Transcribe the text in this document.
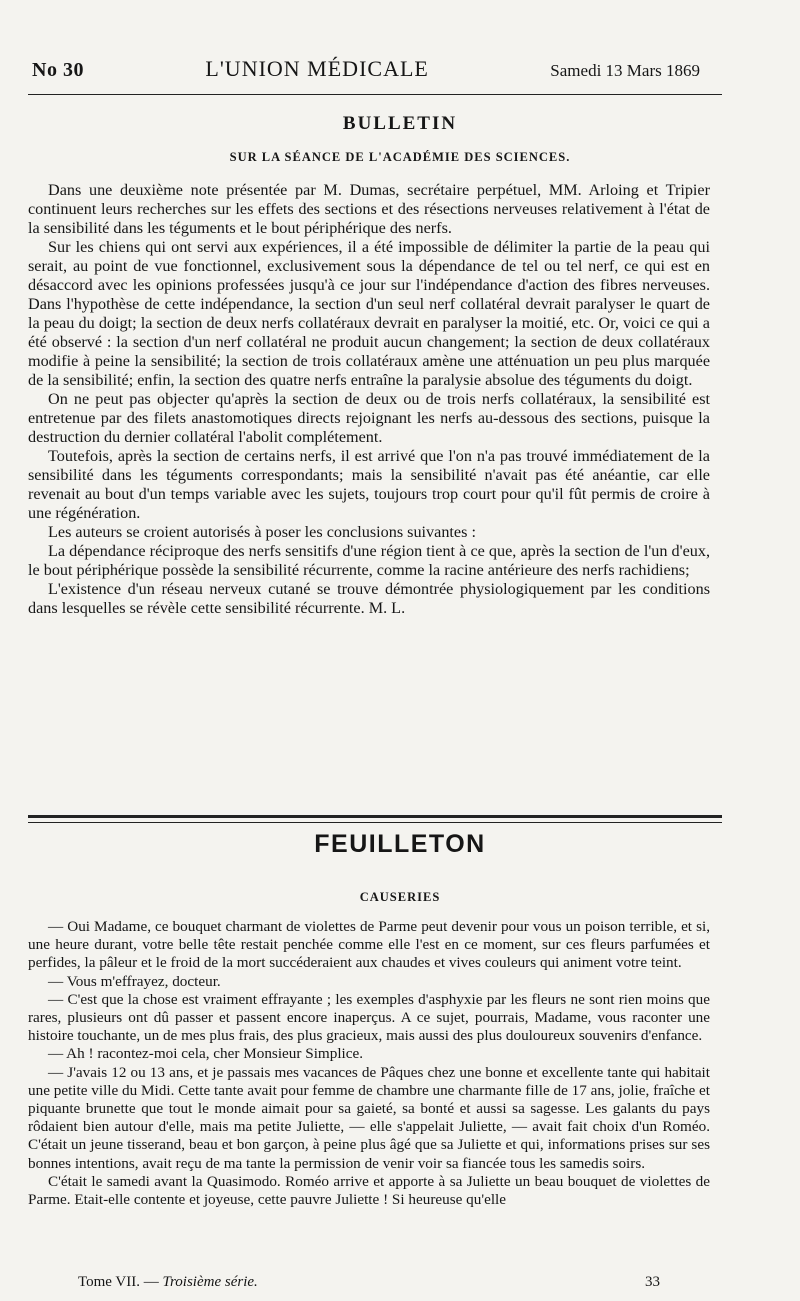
No 30	L'UNION MÉDICALE	Samedi 13 Mars 1869
BULLETIN
SUR LA SÉANCE DE L'ACADÉMIE DES SCIENCES.

Dans une deuxième note présentée par M. Dumas, secrétaire perpétuel, MM. Arloing et Tripier continuent leurs recherches sur les effets des sections et des résections nerveuses relativement à l'état de la sensibilité dans les téguments et le bout périphérique des nerfs.

Sur les chiens qui ont servi aux expériences, il a été impossible de délimiter la partie de la peau qui serait, au point de vue fonctionnel, exclusivement sous la dépendance de tel ou tel nerf, ce qui est en désaccord avec les opinions professées jusqu'à ce jour sur l'indépendance d'action des fibres nerveuses. Dans l'hypothèse de cette indépendance, la section d'un seul nerf collatéral devrait paralyser le quart de la peau du doigt; la section de deux nerfs collatéraux devrait en paralyser la moitié, etc. Or, voici ce qui a été observé : la section d'un nerf collatéral ne produit aucun changement; la section de deux collatéraux modifie à peine la sensibilité; la section de trois collatéraux amène une atténuation un peu plus marquée de la sensibilité; enfin, la section des quatre nerfs entraîne la paralysie absolue des téguments du doigt.

On ne peut pas objecter qu'après la section de deux ou de trois nerfs collatéraux, la sensibilité est entretenue par des filets anastomotiques directs rejoignant les nerfs au-dessous des sections, puisque la destruction du dernier collatéral l'abolit complétement.

Toutefois, après la section de certains nerfs, il est arrivé que l'on n'a pas trouvé immédiatement de la sensibilité dans les téguments correspondants; mais la sensibilité n'avait pas été anéantie, car elle revenait au bout d'un temps variable avec les sujets, toujours trop court pour qu'il fût permis de croire à une régénération.

Les auteurs se croient autorisés à poser les conclusions suivantes :

La dépendance réciproque des nerfs sensitifs d'une région tient à ce que, après la section de l'un d'eux, le bout périphérique possède la sensibilité récurrente, comme la racine antérieure des nerfs rachidiens;

L'existence d'un réseau nerveux cutané se trouve démontrée physiologiquement par les conditions dans lesquelles se révèle cette sensibilité récurrente. M. L.

FEUILLETON
CAUSERIES

— Oui Madame, ce bouquet charmant de violettes de Parme peut devenir pour vous un poison terrible, et si, une heure durant, votre belle tête restait penchée comme elle l'est en ce moment, sur ces fleurs parfumées et perfides, la pâleur et le froid de la mort succéderaient aux chaudes et vives couleurs qui animent votre teint.

— Vous m'effrayez, docteur.

— C'est que la chose est vraiment effrayante ; les exemples d'asphyxie par les fleurs ne sont rien moins que rares, plusieurs ont dû passer et passent encore inaperçus. A ce sujet, pourrais, Madame, vous raconter une histoire touchante, un de mes plus frais, des plus gracieux, mais aussi des plus douloureux souvenirs d'enfance.

— Ah ! racontez-moi cela, cher Monsieur Simplice.

— J'avais 12 ou 13 ans, et je passais mes vacances de Pâques chez une bonne et excellente tante qui habitait une petite ville du Midi. Cette tante avait pour femme de chambre une charmante fille de 17 ans, jolie, fraîche et piquante brunette que tout le monde aimait pour sa gaieté, sa bonté et aussi sa sagesse. Les galants du pays rôdaient bien autour d'elle, mais ma petite Juliette, — elle s'appelait Juliette, — avait fait choix d'un Roméo. C'était un jeune tisserand, beau et bon garçon, à peine plus âgé que sa Juliette et qui, informations prises sur ses bonnes intentions, avait reçu de ma tante la permission de venir voir sa fiancée tous les samedis soirs.

C'était le samedi avant la Quasimodo. Roméo arrive et apporte à sa Juliette un beau bouquet de violettes de Parme. Etait-elle contente et joyeuse, cette pauvre Juliette ! Si heureuse qu'elle

Tome VII. — Troisième série.	33
